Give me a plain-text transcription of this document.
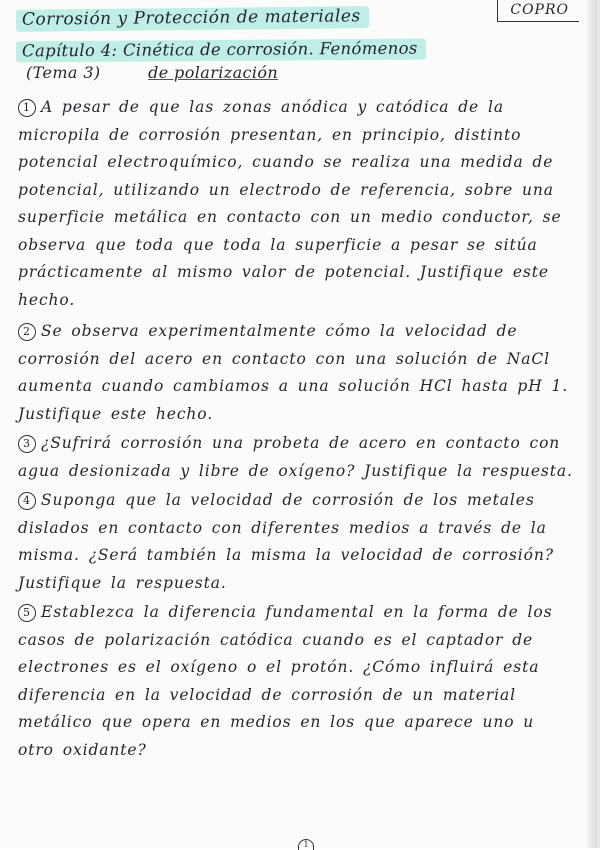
Corrosión y Protección de materiales
Capítulo 4: Cinética de corrosión. Fenómenos
(Tema 3)	de polarización
COPRO
1 A pesar de que las zonas anódica y catódica de la micropila de corrosión presentan, en principio, distinto potencial electroquímico, cuando se realiza una medida de potencial, utilizando un electrodo de referencia, sobre una superficie metálica en contacto con un medio conductor, se observa que toda que toda la superficie a pesar se sitúa prácticamente al mismo valor de potencial. Justifique este hecho.
2 Se observa experimentalmente cómo la velocidad de corrosión del acero en contacto con una solución de NaCl aumenta cuando cambiamos a una solución HCl hasta pH 1. Justifique este hecho.
3 ¿Sufrirá corrosión una probeta de acero en contacto con agua desionizada y libre de oxígeno? Justifique la respuesta.
4 Suponga que la velocidad de corrosión de los metales dislados en contacto con diferentes medios a través de la misma. ¿Será también la misma la velocidad de corrosión? Justifique la respuesta.
5 Establezca la diferencia fundamental en la forma de los casos de polarización catódica cuando es el captador de electrones es el oxígeno o el protón. ¿Cómo influirá esta diferencia en la velocidad de corrosión de un material metálico que opera en medios en los que aparece uno u otro oxidante?
1
